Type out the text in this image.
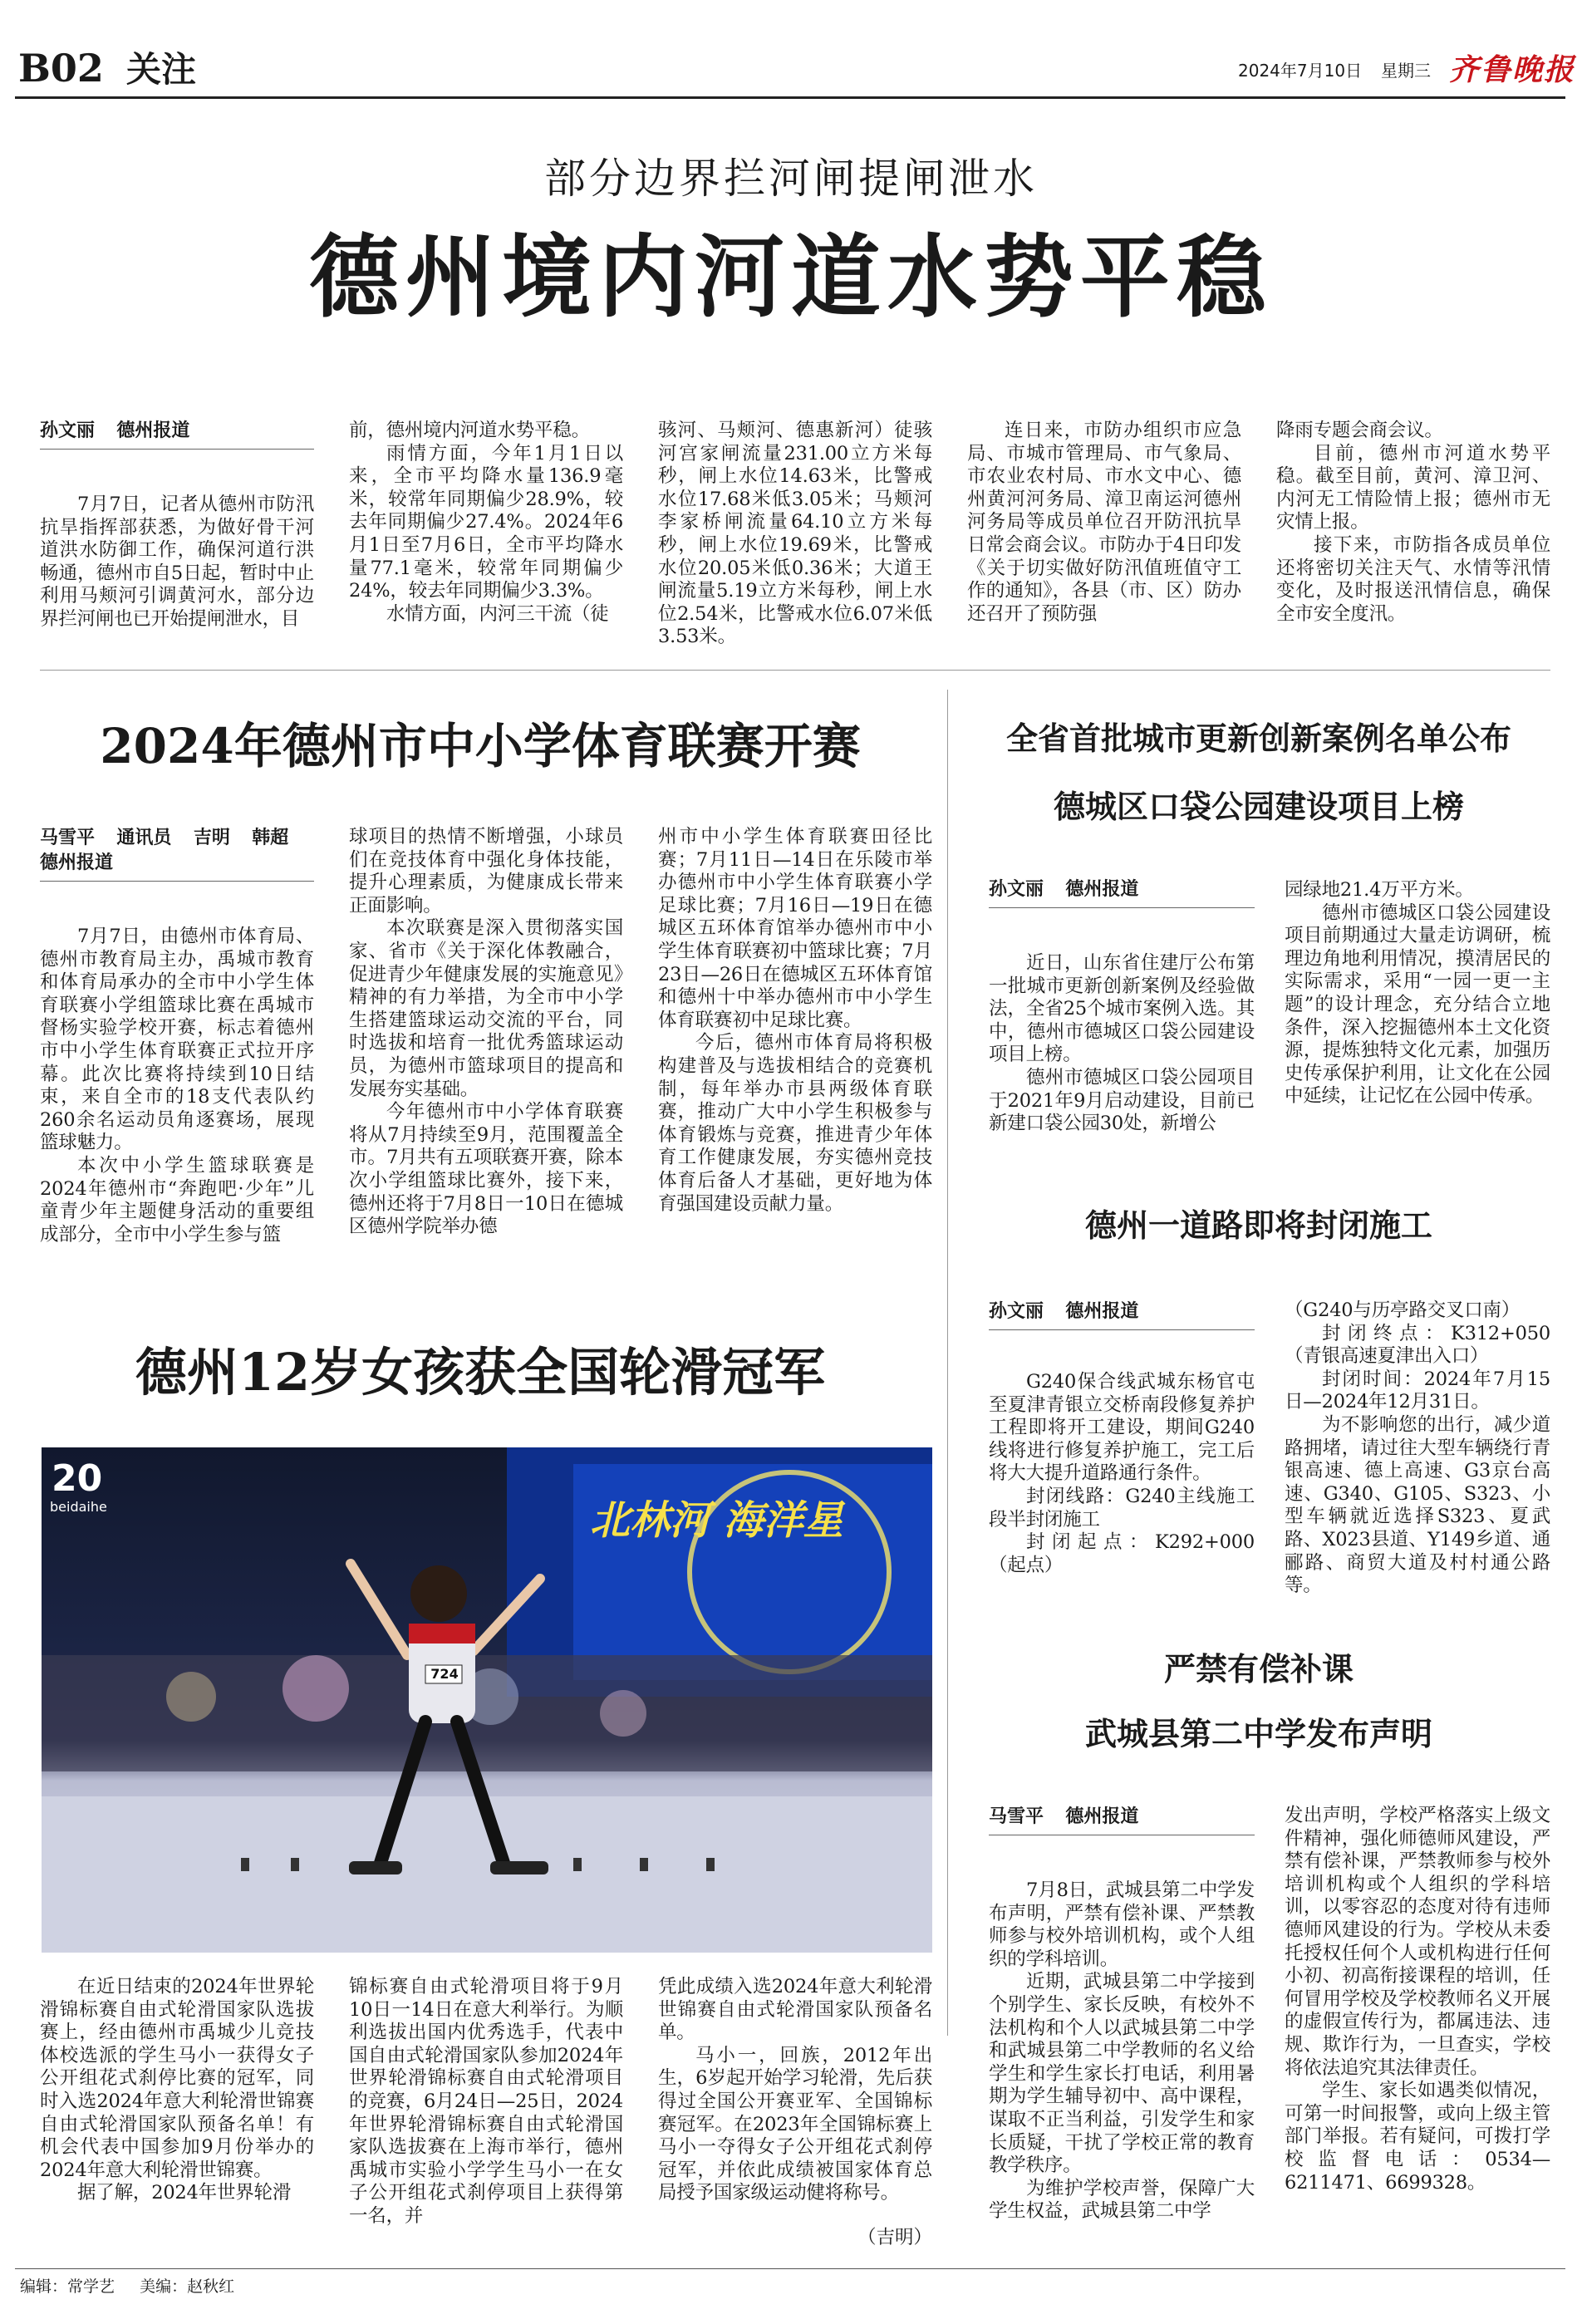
B02 关注	2024年7月10日 星期三 齐鲁晚报
部分边界拦河闸提闸泄水
德州境内河道水势平稳
孙文丽 德州报道

7月7日，记者从德州市防汛抗旱指挥部获悉，为做好骨干河道洪水防御工作，确保河道行洪畅通，德州市自5日起，暂时中止利用马颊河引调黄河水，部分边界拦河闸也已开始提闸泄水，目

前，德州境内河道水势平稳。

雨情方面，今年1月1日以来，全市平均降水量136.9毫米，较常年同期偏少28.9%，较去年同期偏少27.4%。2024年6月1日至7月6日，全市平均降水量77.1毫米，较常年同期偏少24%，较去年同期偏少3.3%。

水情方面，内河三干流（徒

骇河、马颊河、德惠新河）徒骇河宫家闸流量231.00立方米每秒，闸上水位14.63米，比警戒水位17.68米低3.05米；马颊河李家桥闸流量64.10立方米每秒，闸上水位19.69米，比警戒水位20.05米低0.36米；大道王闸流量5.19立方米每秒，闸上水位2.54米，比警戒水位6.07米低3.53米。

连日来，市防办组织市应急局、市城市管理局、市气象局、市农业农村局、市水文中心、德州黄河河务局、漳卫南运河德州河务局等成员单位召开防汛抗旱日常会商会议。市防办于4日印发《关于切实做好防汛值班值守工作的通知》，各县（市、区）防办还召开了预防强

降雨专题会商会议。

目前，德州市河道水势平稳。截至目前，黄河、漳卫河、内河无工情险情上报；德州市无灾情上报。

接下来，市防指各成员单位还将密切关注天气、水情等汛情变化，及时报送汛情信息，确保全市安全度汛。

2024年德州市中小学体育联赛开赛
马雪平 通讯员 吉明 韩超
德州报道

7月7日，由德州市体育局、德州市教育局主办，禹城市教育和体育局承办的全市中小学生体育联赛小学组篮球比赛在禹城市督杨实验学校开赛，标志着德州市中小学生体育联赛正式拉开序幕。此次比赛将持续到10日结束，来自全市的18支代表队约260余名运动员角逐赛场，展现篮球魅力。

本次中小学生篮球联赛是2024年德州市“奔跑吧·少年”儿童青少年主题健身活动的重要组成部分，全市中小学生参与篮

球项目的热情不断增强，小球员们在竞技体育中强化身体技能，提升心理素质，为健康成长带来正面影响。

本次联赛是深入贯彻落实国家、省市《关于深化体教融合，促进青少年健康发展的实施意见》精神的有力举措，为全市中小学生搭建篮球运动交流的平台，同时选拔和培育一批优秀篮球运动员，为德州市篮球项目的提高和发展夯实基础。

今年德州市中小学体育联赛将从7月持续至9月，范围覆盖全市。7月共有五项联赛开赛，除本次小学组篮球比赛外，接下来，德州还将于7月8日一10日在德城区德州学院举办德

州市中小学生体育联赛田径比赛；7月11日—14日在乐陵市举办德州市中小学生体育联赛小学足球比赛；7月16日—19日在德城区五环体育馆举办德州市中小学生体育联赛初中篮球比赛；7月23日—26日在德城区五环体育馆和德州十中举办德州市中小学生体育联赛初中足球比赛。

今后，德州市体育局将积极构建普及与选拔相结合的竞赛机制，每年举办市县两级体育联赛，推动广大中小学生积极参与体育锻炼与竞赛，推进青少年体育工作健康发展，夯实德州竞技体育后备人才基础，更好地为体育强国建设贡献力量。

德州12岁女孩获全国轮滑冠军
724
北林河 海洋星
20
beidaihe

在近日结束的2024年世界轮滑锦标赛自由式轮滑国家队选拔赛上，经由德州市禹城少儿竞技体校选派的学生马小一获得女子公开组花式刹停比赛的冠军，同时入选2024年意大利轮滑世锦赛自由式轮滑国家队预备名单！有机会代表中国参加9月份举办的2024年意大利轮滑世锦赛。

据了解，2024年世界轮滑

锦标赛自由式轮滑项目将于9月10日一14日在意大利举行。为顺利选拔出国内优秀选手，代表中国自由式轮滑国家队参加2024年世界轮滑锦标赛自由式轮滑项目的竞赛，6月24日—25日，2024年世界轮滑锦标赛自由式轮滑国家队选拔赛在上海市举行，德州禹城市实验小学学生马小一在女子公开组花式刹停项目上获得第一名，并

凭此成绩入选2024年意大利轮滑世锦赛自由式轮滑国家队预备名单。

马小一，回族，2012年出生，6岁起开始学习轮滑，先后获得过全国公开赛亚军、全国锦标赛冠军。在2023年全国锦标赛上马小一夺得女子公开组花式刹停冠军，并依此成绩被国家体育总局授予国家级运动健将称号。

（吉明）
全省首批城市更新创新案例名单公布
德城区口袋公园建设项目上榜
孙文丽 德州报道

近日，山东省住建厅公布第一批城市更新创新案例及经验做法，全省25个城市案例入选。其中，德州市德城区口袋公园建设项目上榜。

德州市德城区口袋公园项目于2021年9月启动建设，目前已新建口袋公园30处，新增公

园绿地21.4万平方米。

德州市德城区口袋公园建设项目前期通过大量走访调研，梳理边角地利用情况，摸清居民的实际需求，采用“一园一更一主题”的设计理念，充分结合立地条件，深入挖掘德州本土文化资源，提炼独特文化元素，加强历史传承保护利用，让文化在公园中延续，让记忆在公园中传承。

德州一道路即将封闭施工
孙文丽 德州报道

G240保合线武城东杨官屯至夏津青银立交桥南段修复养护工程即将开工建设，期间G240线将进行修复养护施工，完工后将大大提升道路通行条件。

封闭线路：G240主线施工段半封闭施工

封闭起点：K292+000（起点）

（G240与历亭路交叉口南）

封闭终点：K312+050（青银高速夏津出入口）

封闭时间：2024年7月15日—2024年12月31日。

为不影响您的出行，减少道路拥堵，请过往大型车辆绕行青银高速、德上高速、G3京台高速、G340、G105、S323、小型车辆就近选择S323、夏武路、X023县道、Y149乡道、通郦路、商贸大道及村村通公路等。

严禁有偿补课
武城县第二中学发布声明
马雪平 德州报道

7月8日，武城县第二中学发布声明，严禁有偿补课、严禁教师参与校外培训机构，或个人组织的学科培训。

近期，武城县第二中学接到个别学生、家长反映，有校外不法机构和个人以武城县第二中学和武城县第二中学教师的名义给学生和学生家长打电话，利用暑期为学生辅导初中、高中课程，谋取不正当利益，引发学生和家长质疑，干扰了学校正常的教育教学秩序。

为维护学校声誉，保障广大学生权益，武城县第二中学

发出声明，学校严格落实上级文件精神，强化师德师风建设，严禁有偿补课，严禁教师参与校外培训机构或个人组织的学科培训，以零容忍的态度对待有违师德师风建设的行为。学校从未委托授权任何个人或机构进行任何小初、初高衔接课程的培训，任何冒用学校及学校教师名义开展的虚假宣传行为，都属违法、违规、欺诈行为，一旦查实，学校将依法追究其法律责任。

学生、家长如遇类似情况，可第一时间报警，或向上级主管部门举报。若有疑问，可拨打学校监督电话：0534—6211471、6699328。

编辑：常学艺 美编：赵秋红
